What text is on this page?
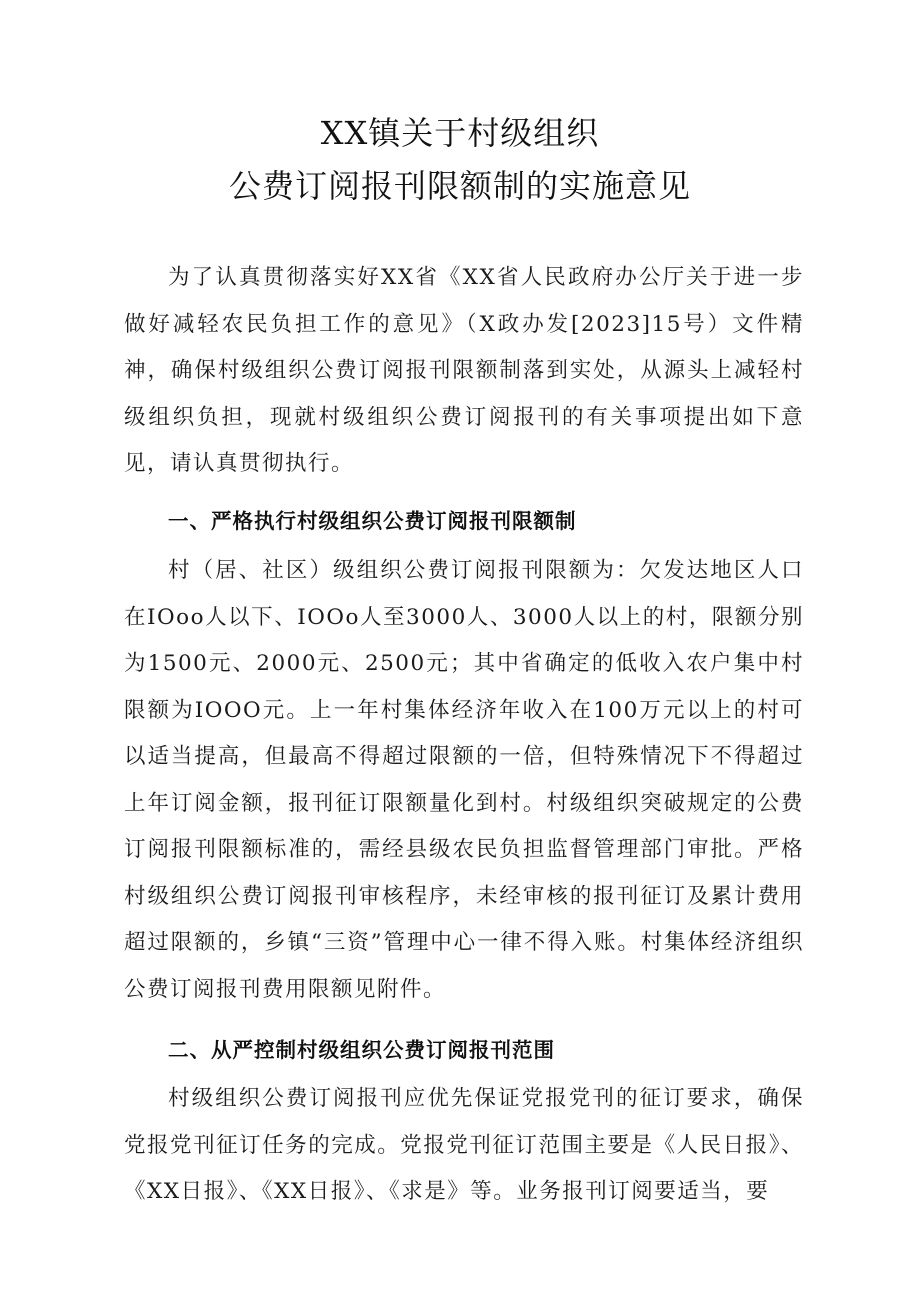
XX镇关于村级组织
公费订阅报刊限额制的实施意见

为了认真贯彻落实好XX省《XX省人民政府办公厅关于进一步做好减轻农民负担工作的意见》（X政办发[2023]15号）文件精神，确保村级组织公费订阅报刊限额制落到实处，从源头上减轻村级组织负担，现就村级组织公费订阅报刊的有关事项提出如下意见，请认真贯彻执行。

一、严格执行村级组织公费订阅报刊限额制

村（居、社区）级组织公费订阅报刊限额为：欠发达地区人口在IOoo人以下、IOOo人至3000人、3000人以上的村，限额分别为1500元、2000元、2500元；其中省确定的低收入农户集中村限额为IOOO元。上一年村集体经济年收入在100万元以上的村可以适当提高，但最高不得超过限额的一倍，但特殊情况下不得超过上年订阅金额，报刊征订限额量化到村。村级组织突破规定的公费订阅报刊限额标准的，需经县级农民负担监督管理部门审批。严格村级组织公费订阅报刊审核程序，未经审核的报刊征订及累计费用超过限额的，乡镇“三资”管理中心一律不得入账。村集体经济组织公费订阅报刊费用限额见附件。

二、从严控制村级组织公费订阅报刊范围

村级组织公费订阅报刊应优先保证党报党刊的征订要求，确保党报党刊征订任务的完成。党报党刊征订范围主要是《人民日报》、《XX日报》、《XX日报》、《求是》等。业务报刊订阅要适当，要
